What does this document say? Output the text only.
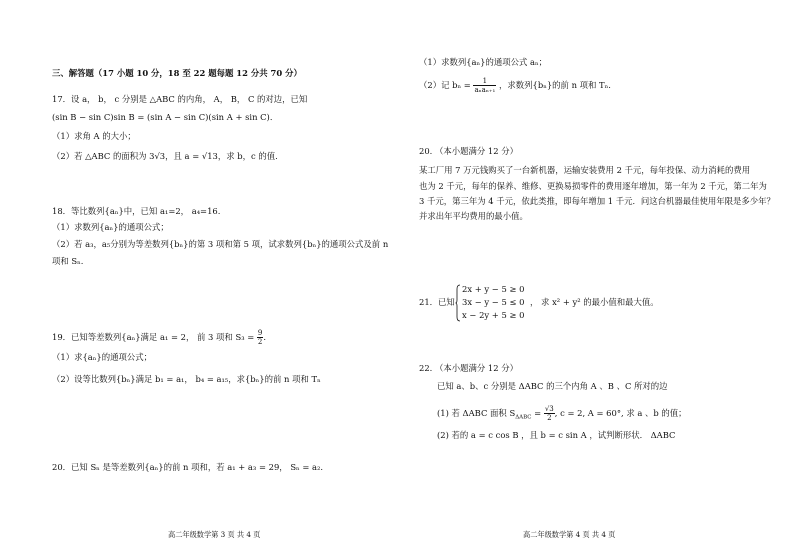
三、解答题（17 小题 10 分，18 至 22 题每题 12 分共 70 分）
17．设 a， b， c 分别是 △ABC 的内角， A， B， C 的对边，已知
(sin B − sin C)sin B = (sin A − sin C)(sin A + sin C)．
（1）求角 A 的大小；
（2）若 △ABC 的面积为 3√3，且 a = √13，求 b，c 的值.
18．等比数列{aₙ}中，已知 a₁=2， a₄=16.
（1）求数列{aₙ}的通项公式；
（2）若 a₃，a₅分别为等差数列{bₙ}的第 3 项和第 5 项，试求数列{bₙ}的通项公式及前 n
项和 Sₙ.
19．已知等差数列{aₙ}满足 a₁ = 2， 前 3 项和 $S_3 = \frac{9}{2}$ .
（1）求{aₙ}的通项公式；
（2）设等比数列{bₙ}满足 b₁ = a₁， b₄ = a₁₅，求{bₙ}的前 n 项和 Tₙ
20．已知 Sₙ 是等差数列{aₙ}的前 n 项和，若 a₁ + a₃ = 29， Sₙ = a₂.
高二年级数学第 3 页 共 4 页
（1）求数列{aₙ}的通项公式 aₙ；
（2）记 $b_n = \frac{1}{\text{aₙaₙ₊₁}}$ ，求数列{bₙ}的前 n 项和 Tₙ.
20. （本小题满分 12 分）
某工厂用 7 万元钱购买了一台新机器，运输安装费用 2 千元，每年投保、动力消耗的费用
也为 2 千元，每年的保养、维修、更换易损零件的费用逐年增加，第一年为 2 千元，第二年为
3 千元，第三年为 4 千元，依此类推，即每年增加 1 千元．问这台机器最佳使用年限是多少年？
并求出年平均费用的最小值。
21．已知
2x + y − 5 ≥ 0
3x − y − 5 ≤ 0
x − 2y + 5 ≥ 0
， 求 x² + y² 的最小值和最大值。
22. （本小题满分 12 分）
已知 a、b、c 分别是 ΔABC 的三个内角 A 、B 、C 所对的边
(1) 若 ΔABC 面积 $S_{\Delta ABC} = \frac{√3}{2}$ , c = 2, A = 60°, 求 a 、b 的值；
(2) 若的 a = c cos B ，且 b = c sin A ，试判断形状． ΔABC
高二年级数学第 4 页 共 4 页
